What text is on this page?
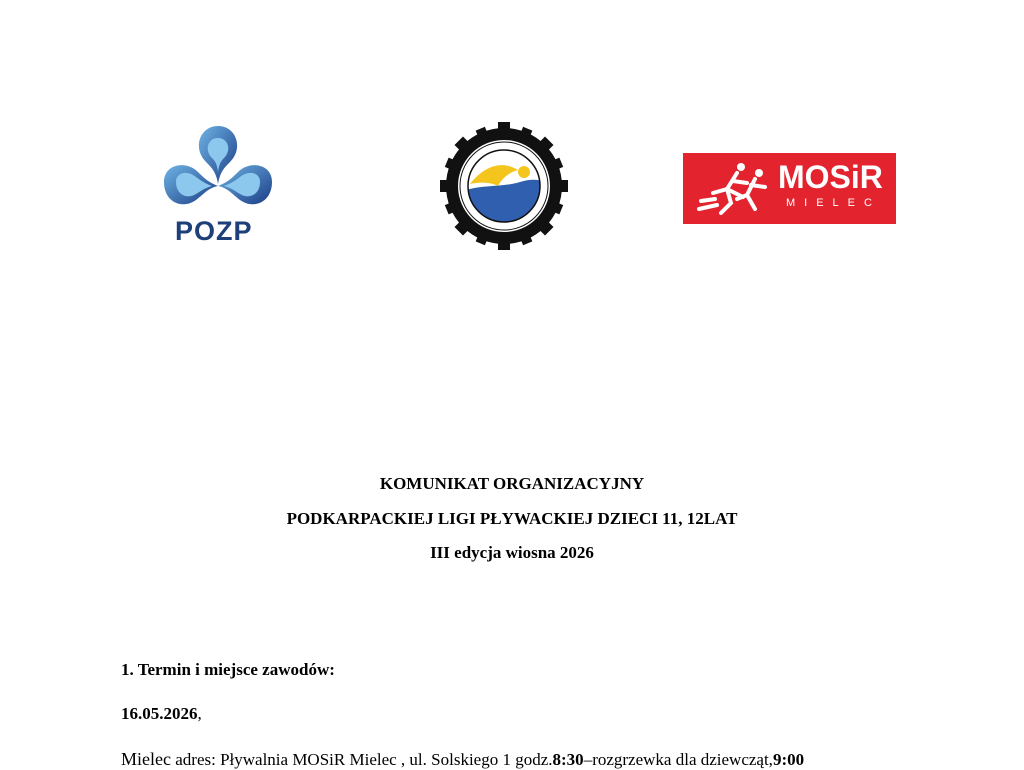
POZP
MOSiR
MIELEC
KOMUNIKAT ORGANIZACYJNY
PODKARPACKIEJ LIGI PŁYWACKIEJ DZIECI 11, 12LAT
III edycja wiosna 2026
1. Termin i miejsce zawodów:
16.05.2026,
Mielec adres: Pływalnia MOSiR Mielec , ul. Solskiego 1 godz.8:30–rozgrzewka dla dziewcząt,9:00
